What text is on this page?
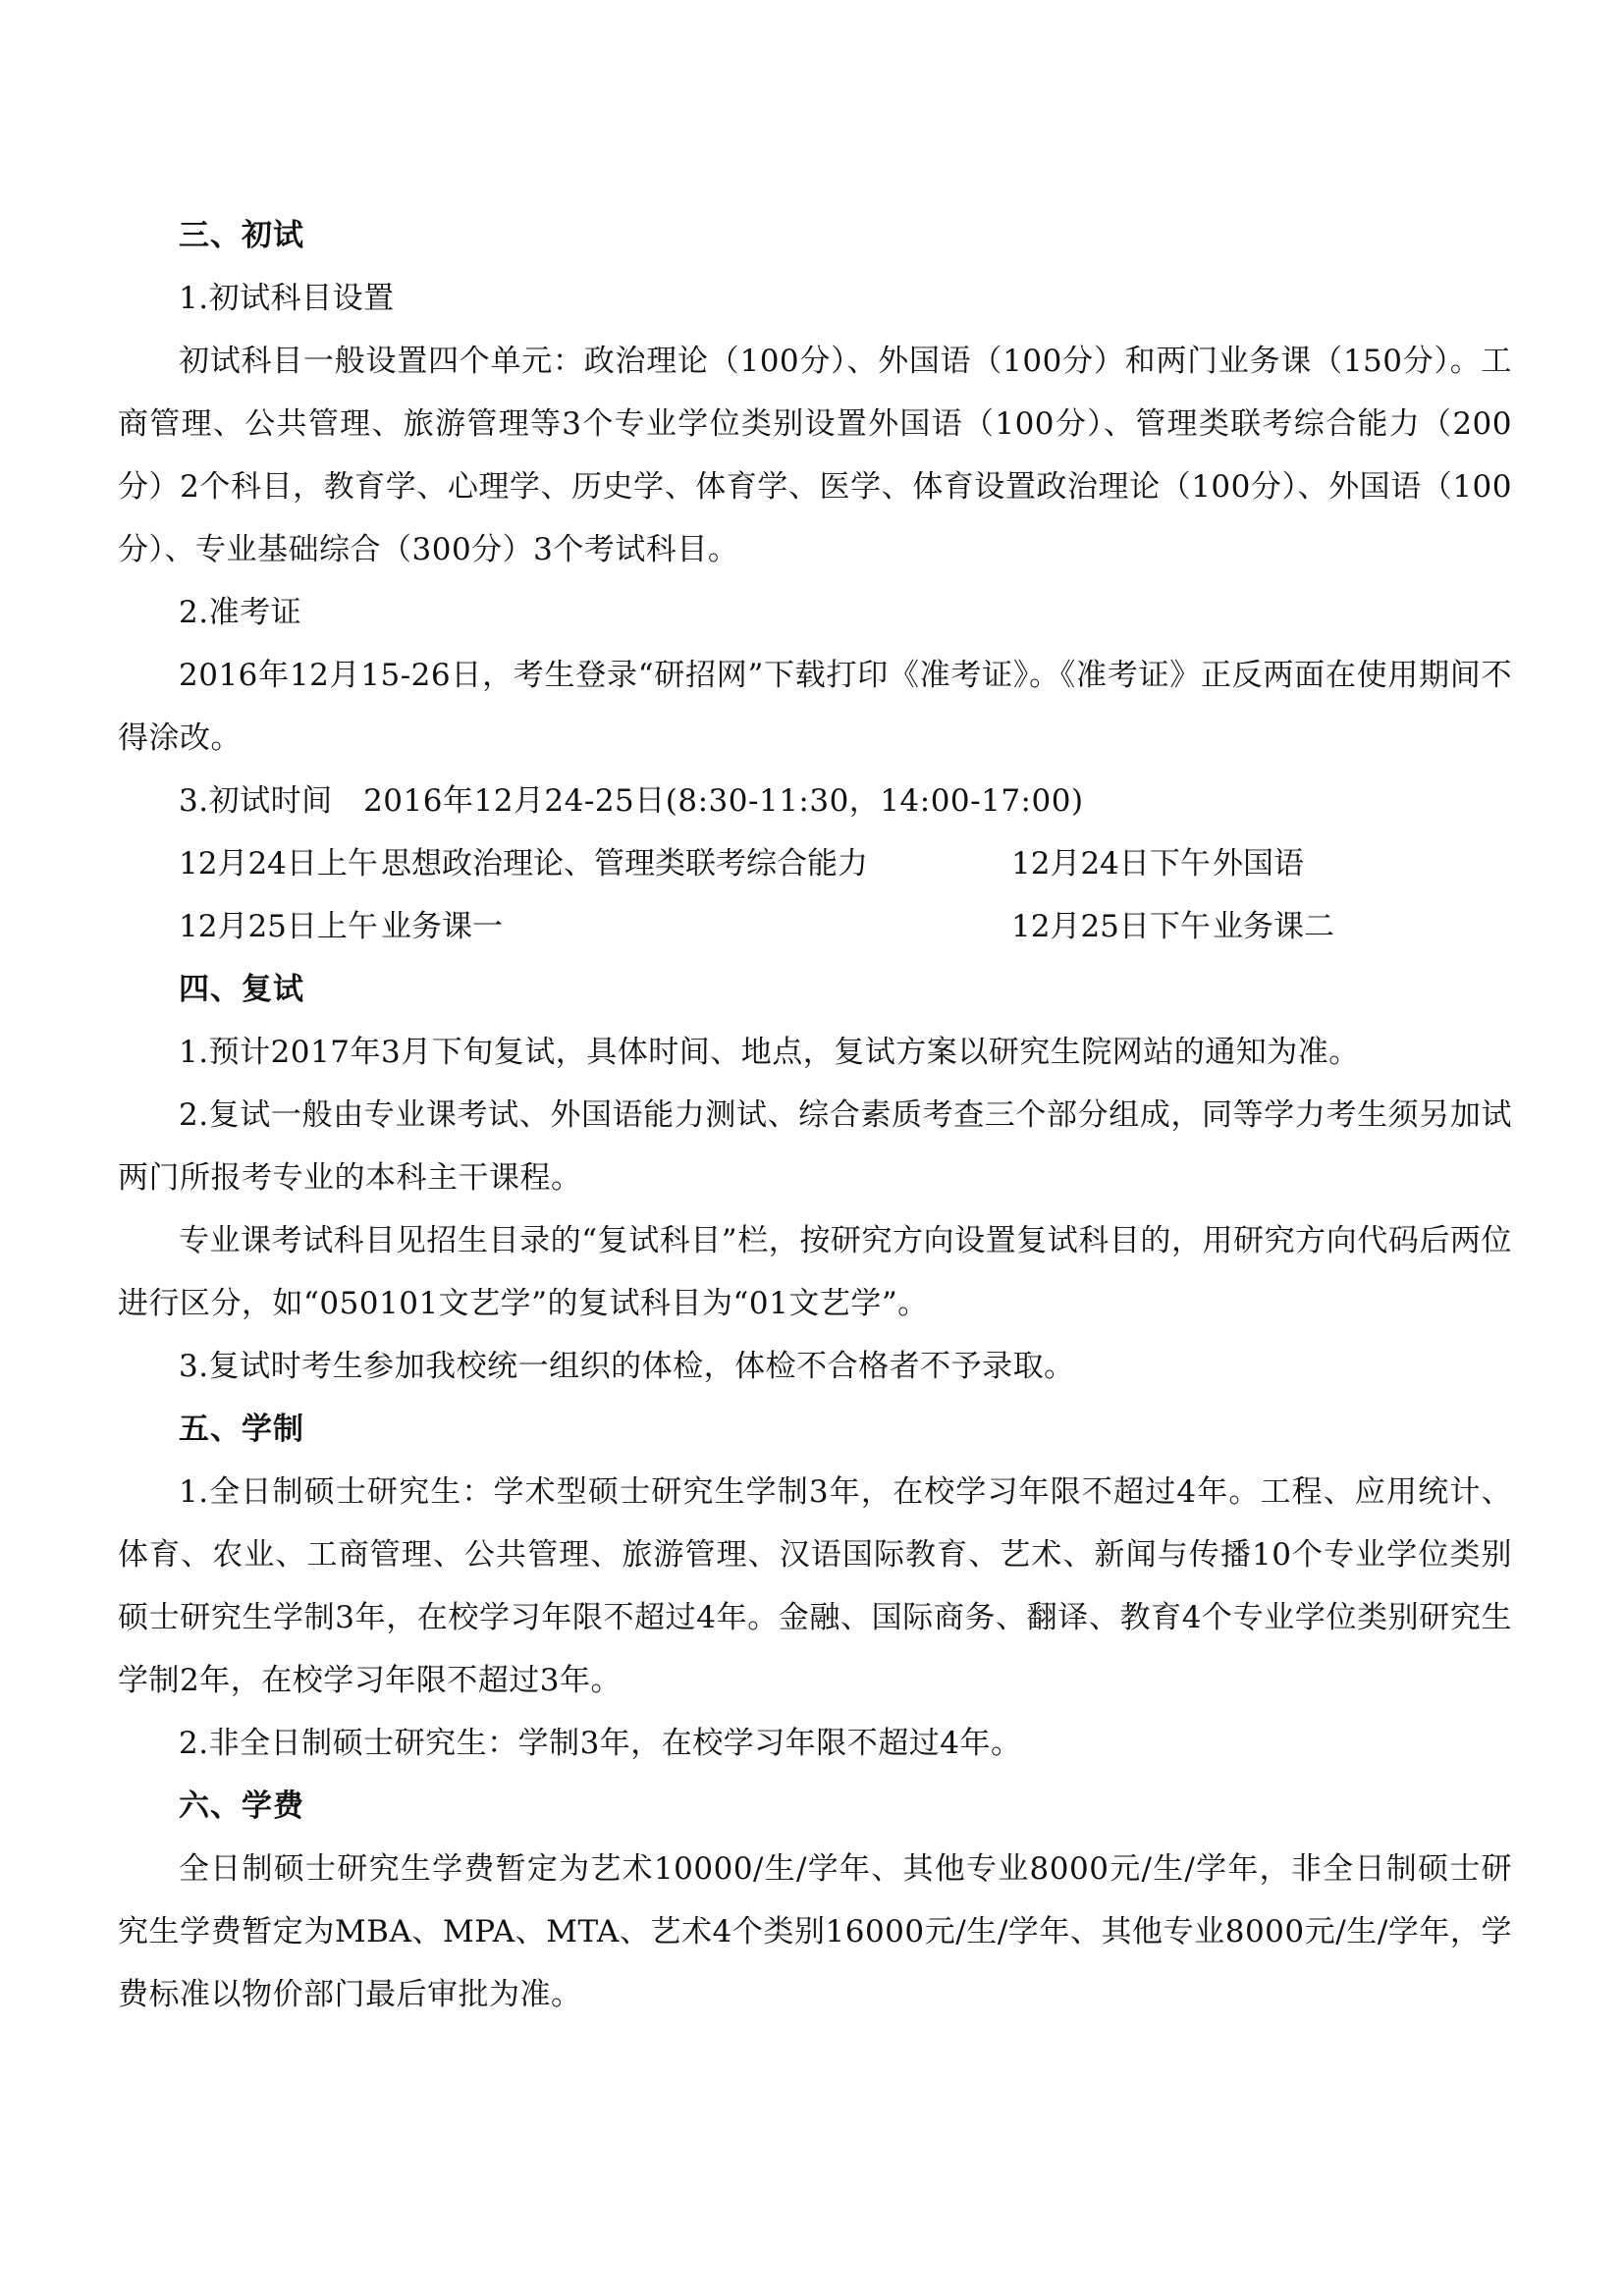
三、初试
1.初试科目设置

初试科目一般设置四个单元：政治理论（100分）、外国语（100分）和两门业务课（150分）。工商管理、公共管理、旅游管理等3个专业学位类别设置外国语（100分）、管理类联考综合能力（200分）2个科目，教育学、心理学、历史学、体育学、医学、体育设置政治理论（100分）、外国语（100分）、专业基础综合（300分）3个考试科目。

2.准考证

2016年12月15-26日，考生登录“研招网”下载打印《准考证》。《准考证》正反两面在使用期间不得涂改。

3.初试时间　2016年12月24-25日(8:30-11:30，14:00-17:00)
12月24日上午 思想政治理论、管理类联考综合能力	12月24日下午 外国语
12月25日上午 业务课一	12月25日下午 业务课二
四、复试

1.预计2017年3月下旬复试，具体时间、地点，复试方案以研究生院网站的通知为准。

2.复试一般由专业课考试、外国语能力测试、综合素质考查三个部分组成，同等学力考生须另加试两门所报考专业的本科主干课程。

专业课考试科目见招生目录的“复试科目”栏，按研究方向设置复试科目的，用研究方向代码后两位进行区分，如“050101文艺学”的复试科目为“01文艺学”。

3.复试时考生参加我校统一组织的体检，体检不合格者不予录取。

五、学制

1.全日制硕士研究生：学术型硕士研究生学制3年，在校学习年限不超过4年。工程、应用统计、体育、农业、工商管理、公共管理、旅游管理、汉语国际教育、艺术、新闻与传播10个专业学位类别硕士研究生学制3年，在校学习年限不超过4年。金融、国际商务、翻译、教育4个专业学位类别研究生学制2年，在校学习年限不超过3年。

2.非全日制硕士研究生：学制3年，在校学习年限不超过4年。

六、学费

全日制硕士研究生学费暂定为艺术10000/生/学年、其他专业8000元/生/学年，非全日制硕士研究生学费暂定为MBA、MPA、MTA、艺术4个类别16000元/生/学年、其他专业8000元/生/学年，学费标准以物价部门最后审批为准。
